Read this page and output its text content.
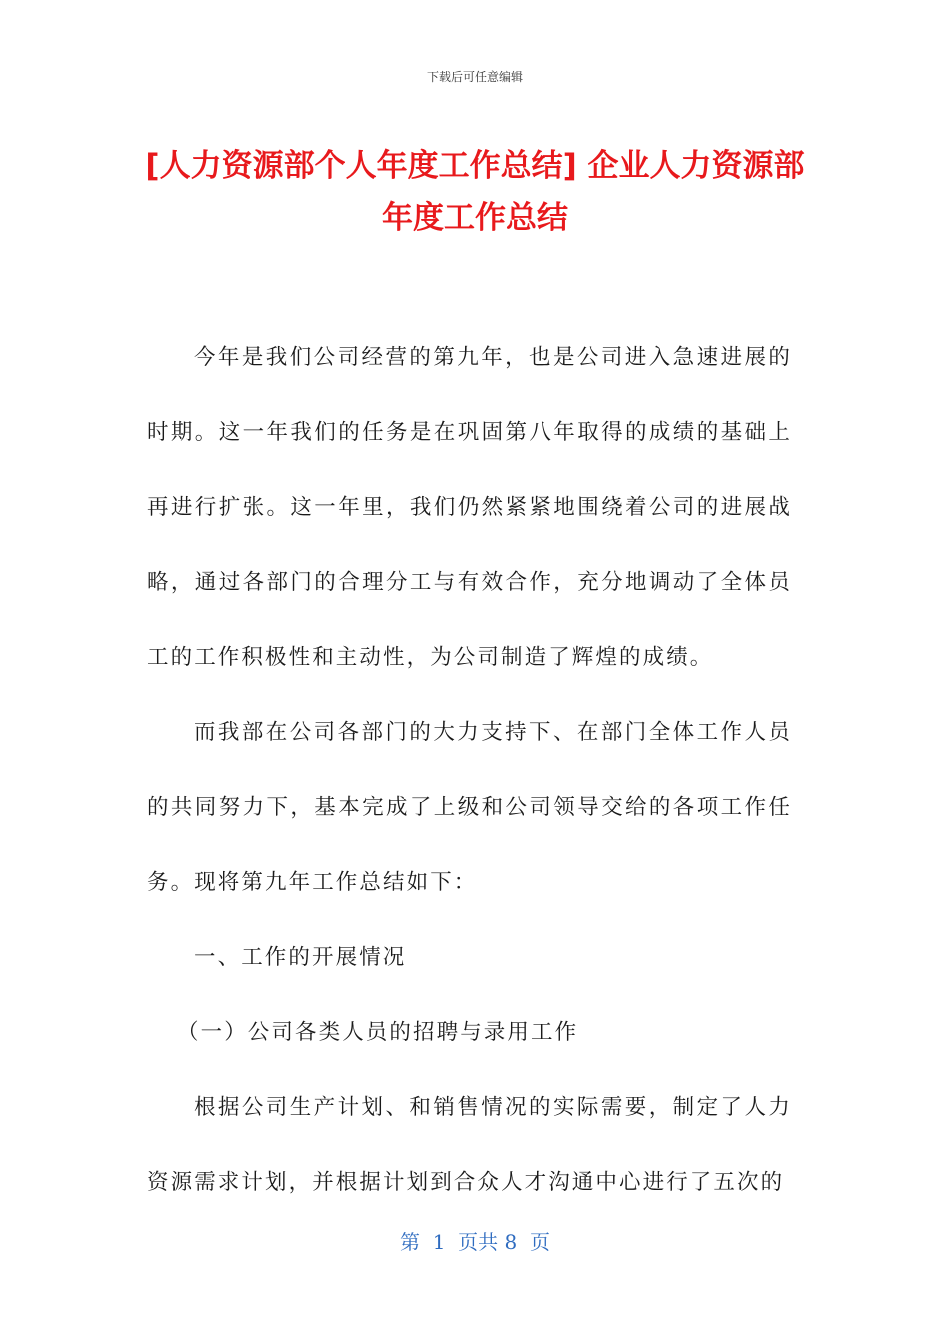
下载后可任意编辑
[人力资源部个人年度工作总结] 企业人力资源部年度工作总结

今年是我们公司经营的第九年，也是公司进入急速进展的时期。这一年我们的任务是在巩固第八年取得的成绩的基础上再进行扩张。这一年里，我们仍然紧紧地围绕着公司的进展战略，通过各部门的合理分工与有效合作，充分地调动了全体员工的工作积极性和主动性，为公司制造了辉煌的成绩。

而我部在公司各部门的大力支持下、在部门全体工作人员的共同努力下，基本完成了上级和公司领导交给的各项工作任务。现将第九年工作总结如下：

一、工作的开展情况

（一）公司各类人员的招聘与录用工作

根据公司生产计划、和销售情况的实际需要，制定了人力资源需求计划，并根据计划到合众人才沟通中心进行了五次的

第  1  页共 8  页
